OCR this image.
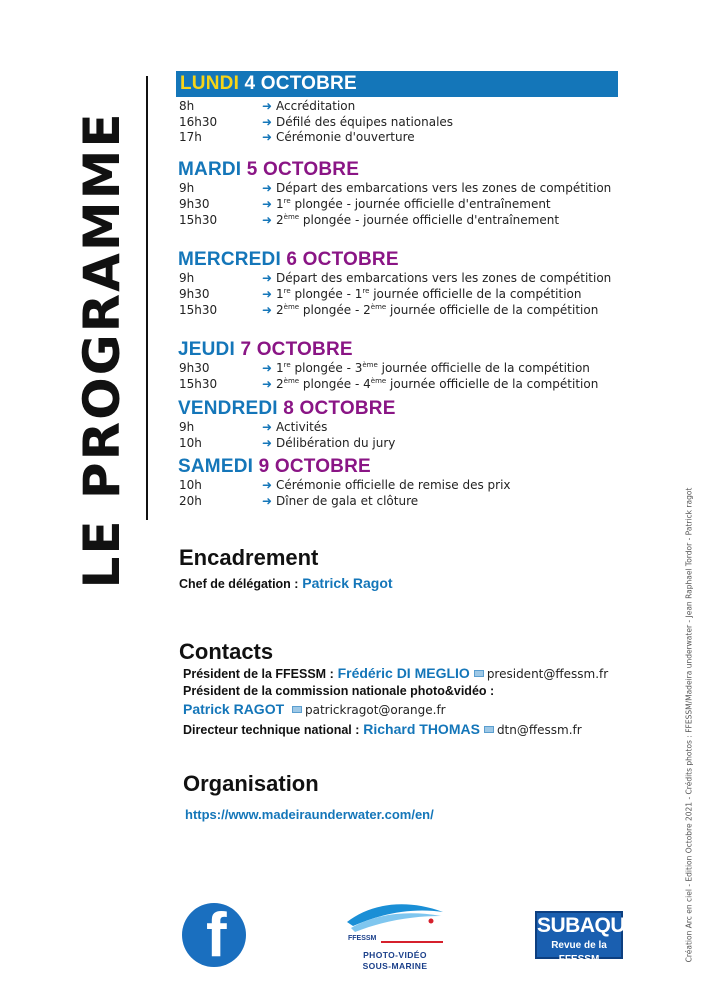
LE PROGRAMME
LUNDI 4 OCTOBRE
8h	➜ Accréditation
16h30	➜ Défilé des équipes nationales
17h	➜ Cérémonie d'ouverture
MARDI 5 OCTOBRE
9h	➜ Départ des embarcations vers les zones de compétition
9h30	➜ 1re plongée - journée officielle d'entraînement
15h30	➜ 2ème plongée - journée officielle d'entraînement
MERCREDI 6 OCTOBRE
9h	➜ Départ des embarcations vers les zones de compétition
9h30	➜ 1re plongée - 1re journée officielle de la compétition
15h30	➜ 2ème plongée - 2ème journée officielle de la compétition
JEUDI 7 OCTOBRE
9h30	➜ 1re plongée - 3ème journée officielle de la compétition
15h30	➜ 2ème plongée - 4ème journée officielle de la compétition
VENDREDI 8 OCTOBRE
9h	➜ Activités
10h	➜ Délibération du jury
SAMEDI 9 OCTOBRE
10h	➜ Cérémonie officielle de remise des prix
20h	➜ Dîner de gala et clôture
Encadrement
Chef de délégation : Patrick Ragot
Contacts
Président de la FFESSM : Frédéric DI MEGLIO president@ffessm.fr
Président de la commission nationale photo&vidéo :
Patrick RAGOT patrickragot@orange.fr
Directeur technique national : Richard THOMAS dtn@ffessm.fr
Organisation
https://www.madeiraunderwater.com/en/	Création Arc en ciel - Edition Octobre 2021 - Crédits photos : FFESSM/Madeira underwater - Jean Raphael Tordor - Patrick ragot
f	FFESSM
PHOTO-VIDÉO
SOUS-MARINE
SUBAQUA
Revue de la FFESSM
